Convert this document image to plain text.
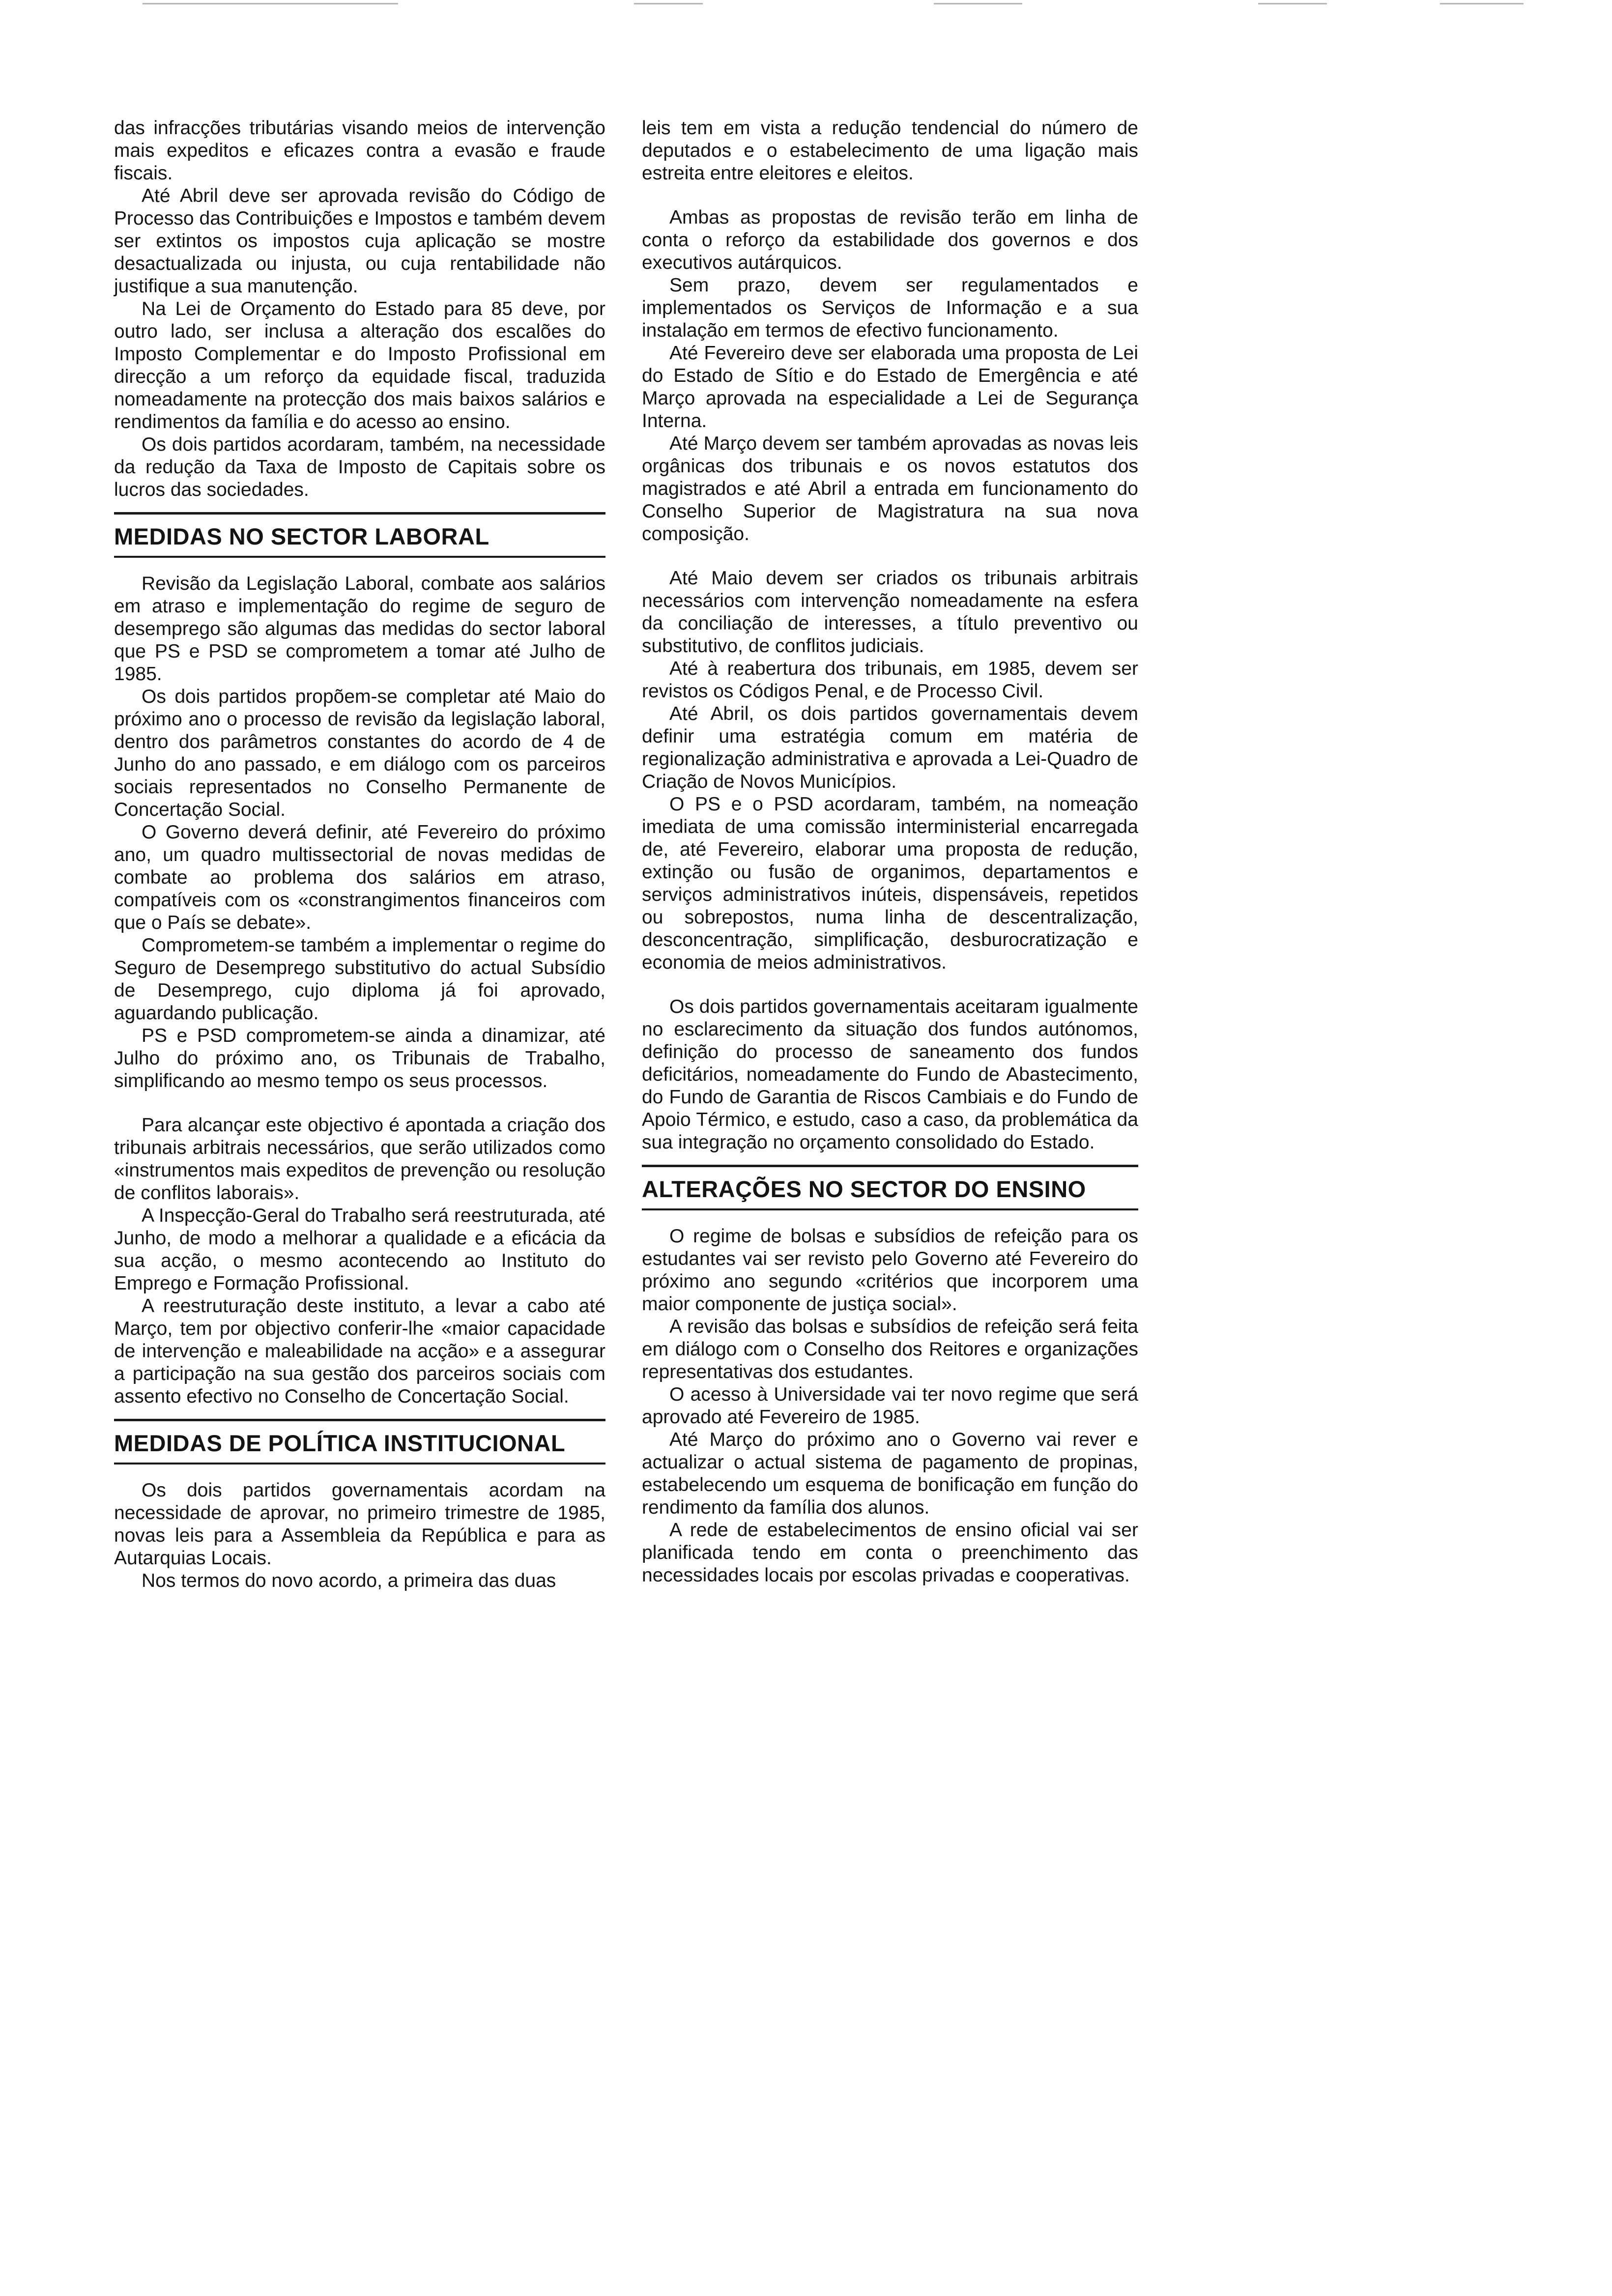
das infracções tributárias visando meios de intervenção mais expeditos e eficazes contra a evasão e fraude fiscais.

Até Abril deve ser aprovada revisão do Código de Processo das Contribuições e Impostos e também devem ser extintos os impostos cuja aplicação se mostre desactualizada ou injusta, ou cuja rentabilidade não justifique a sua manutenção.

Na Lei de Orçamento do Estado para 85 deve, por outro lado, ser inclusa a alteração dos escalões do Imposto Complementar e do Imposto Profissional em direcção a um reforço da equidade fiscal, traduzida nomeadamente na protecção dos mais baixos salários e rendimentos da família e do acesso ao ensino.

Os dois partidos acordaram, também, na necessidade da redução da Taxa de Imposto de Capitais sobre os lucros das sociedades.

MEDIDAS NO SECTOR LABORAL

Revisão da Legislação Laboral, combate aos salários em atraso e implementação do regime de seguro de desemprego são algumas das medidas do sector laboral que PS e PSD se comprometem a tomar até Julho de 1985.

Os dois partidos propõem-se completar até Maio do próximo ano o processo de revisão da legislação laboral, dentro dos parâmetros constantes do acordo de 4 de Junho do ano passado, e em diálogo com os parceiros sociais representados no Conselho Permanente de Concertação Social.

O Governo deverá definir, até Fevereiro do próximo ano, um quadro multissectorial de novas medidas de combate ao problema dos salários em atraso, compatíveis com os «constrangimentos financeiros com que o País se debate».

Comprometem-se também a implementar o regime do Seguro de Desemprego substitutivo do actual Subsídio de Desemprego, cujo diploma já foi aprovado, aguardando publicação.

PS e PSD comprometem-se ainda a dinamizar, até Julho do próximo ano, os Tribunais de Trabalho, simplificando ao mesmo tempo os seus processos.

Para alcançar este objectivo é apontada a criação dos tribunais arbitrais necessários, que serão utilizados como «instrumentos mais expeditos de prevenção ou resolução de conflitos laborais».

A Inspecção-Geral do Trabalho será reestruturada, até Junho, de modo a melhorar a qualidade e a eficácia da sua acção, o mesmo acontecendo ao Instituto do Emprego e Formação Profissional.

A reestruturação deste instituto, a levar a cabo até Março, tem por objectivo conferir-lhe «maior capacidade de intervenção e maleabilidade na acção» e a assegurar a participação na sua gestão dos parceiros sociais com assento efectivo no Conselho de Concertação Social.

MEDIDAS DE POLÍTICA INSTITUCIONAL

Os dois partidos governamentais acordam na necessidade de aprovar, no primeiro trimestre de 1985, novas leis para a Assembleia da República e para as Autarquias Locais.

Nos termos do novo acordo, a primeira das duas

leis tem em vista a redução tendencial do número de deputados e o estabelecimento de uma ligação mais estreita entre eleitores e eleitos.

Ambas as propostas de revisão terão em linha de conta o reforço da estabilidade dos governos e dos executivos autárquicos.

Sem prazo, devem ser regulamentados e implementados os Serviços de Informação e a sua instalação em termos de efectivo funcionamento.

Até Fevereiro deve ser elaborada uma proposta de Lei do Estado de Sítio e do Estado de Emergência e até Março aprovada na especialidade a Lei de Segurança Interna.

Até Março devem ser também aprovadas as novas leis orgânicas dos tribunais e os novos estatutos dos magistrados e até Abril a entrada em funcionamento do Conselho Superior de Magistratura na sua nova composição.

Até Maio devem ser criados os tribunais arbitrais necessários com intervenção nomeadamente na esfera da conciliação de interesses, a título preventivo ou substitutivo, de conflitos judiciais.

Até à reabertura dos tribunais, em 1985, devem ser revistos os Códigos Penal, e de Processo Civil.

Até Abril, os dois partidos governamentais devem definir uma estratégia comum em matéria de regionalização administrativa e aprovada a Lei-Quadro de Criação de Novos Municípios.

O PS e o PSD acordaram, também, na nomeação imediata de uma comissão interministerial encarregada de, até Fevereiro, elaborar uma proposta de redução, extinção ou fusão de organimos, departamentos e serviços administrativos inúteis, dispensáveis, repetidos ou sobrepostos, numa linha de descentralização, desconcentração, simplificação, desburocratização e economia de meios administrativos.

Os dois partidos governamentais aceitaram igualmente no esclarecimento da situação dos fundos autónomos, definição do processo de saneamento dos fundos deficitários, nomeadamente do Fundo de Abastecimento, do Fundo de Garantia de Riscos Cambiais e do Fundo de Apoio Térmico, e estudo, caso a caso, da problemática da sua integração no orçamento consolidado do Estado.

ALTERAÇÕES NO SECTOR DO ENSINO

O regime de bolsas e subsídios de refeição para os estudantes vai ser revisto pelo Governo até Fevereiro do próximo ano segundo «critérios que incorporem uma maior componente de justiça social».

A revisão das bolsas e subsídios de refeição será feita em diálogo com o Conselho dos Reitores e organizações representativas dos estudantes.

O acesso à Universidade vai ter novo regime que será aprovado até Fevereiro de 1985.

Até Março do próximo ano o Governo vai rever e actualizar o actual sistema de pagamento de propinas, estabelecendo um esquema de bonificação em função do rendimento da família dos alunos.

A rede de estabelecimentos de ensino oficial vai ser planificada tendo em conta o preenchimento das necessidades locais por escolas privadas e cooperativas.
